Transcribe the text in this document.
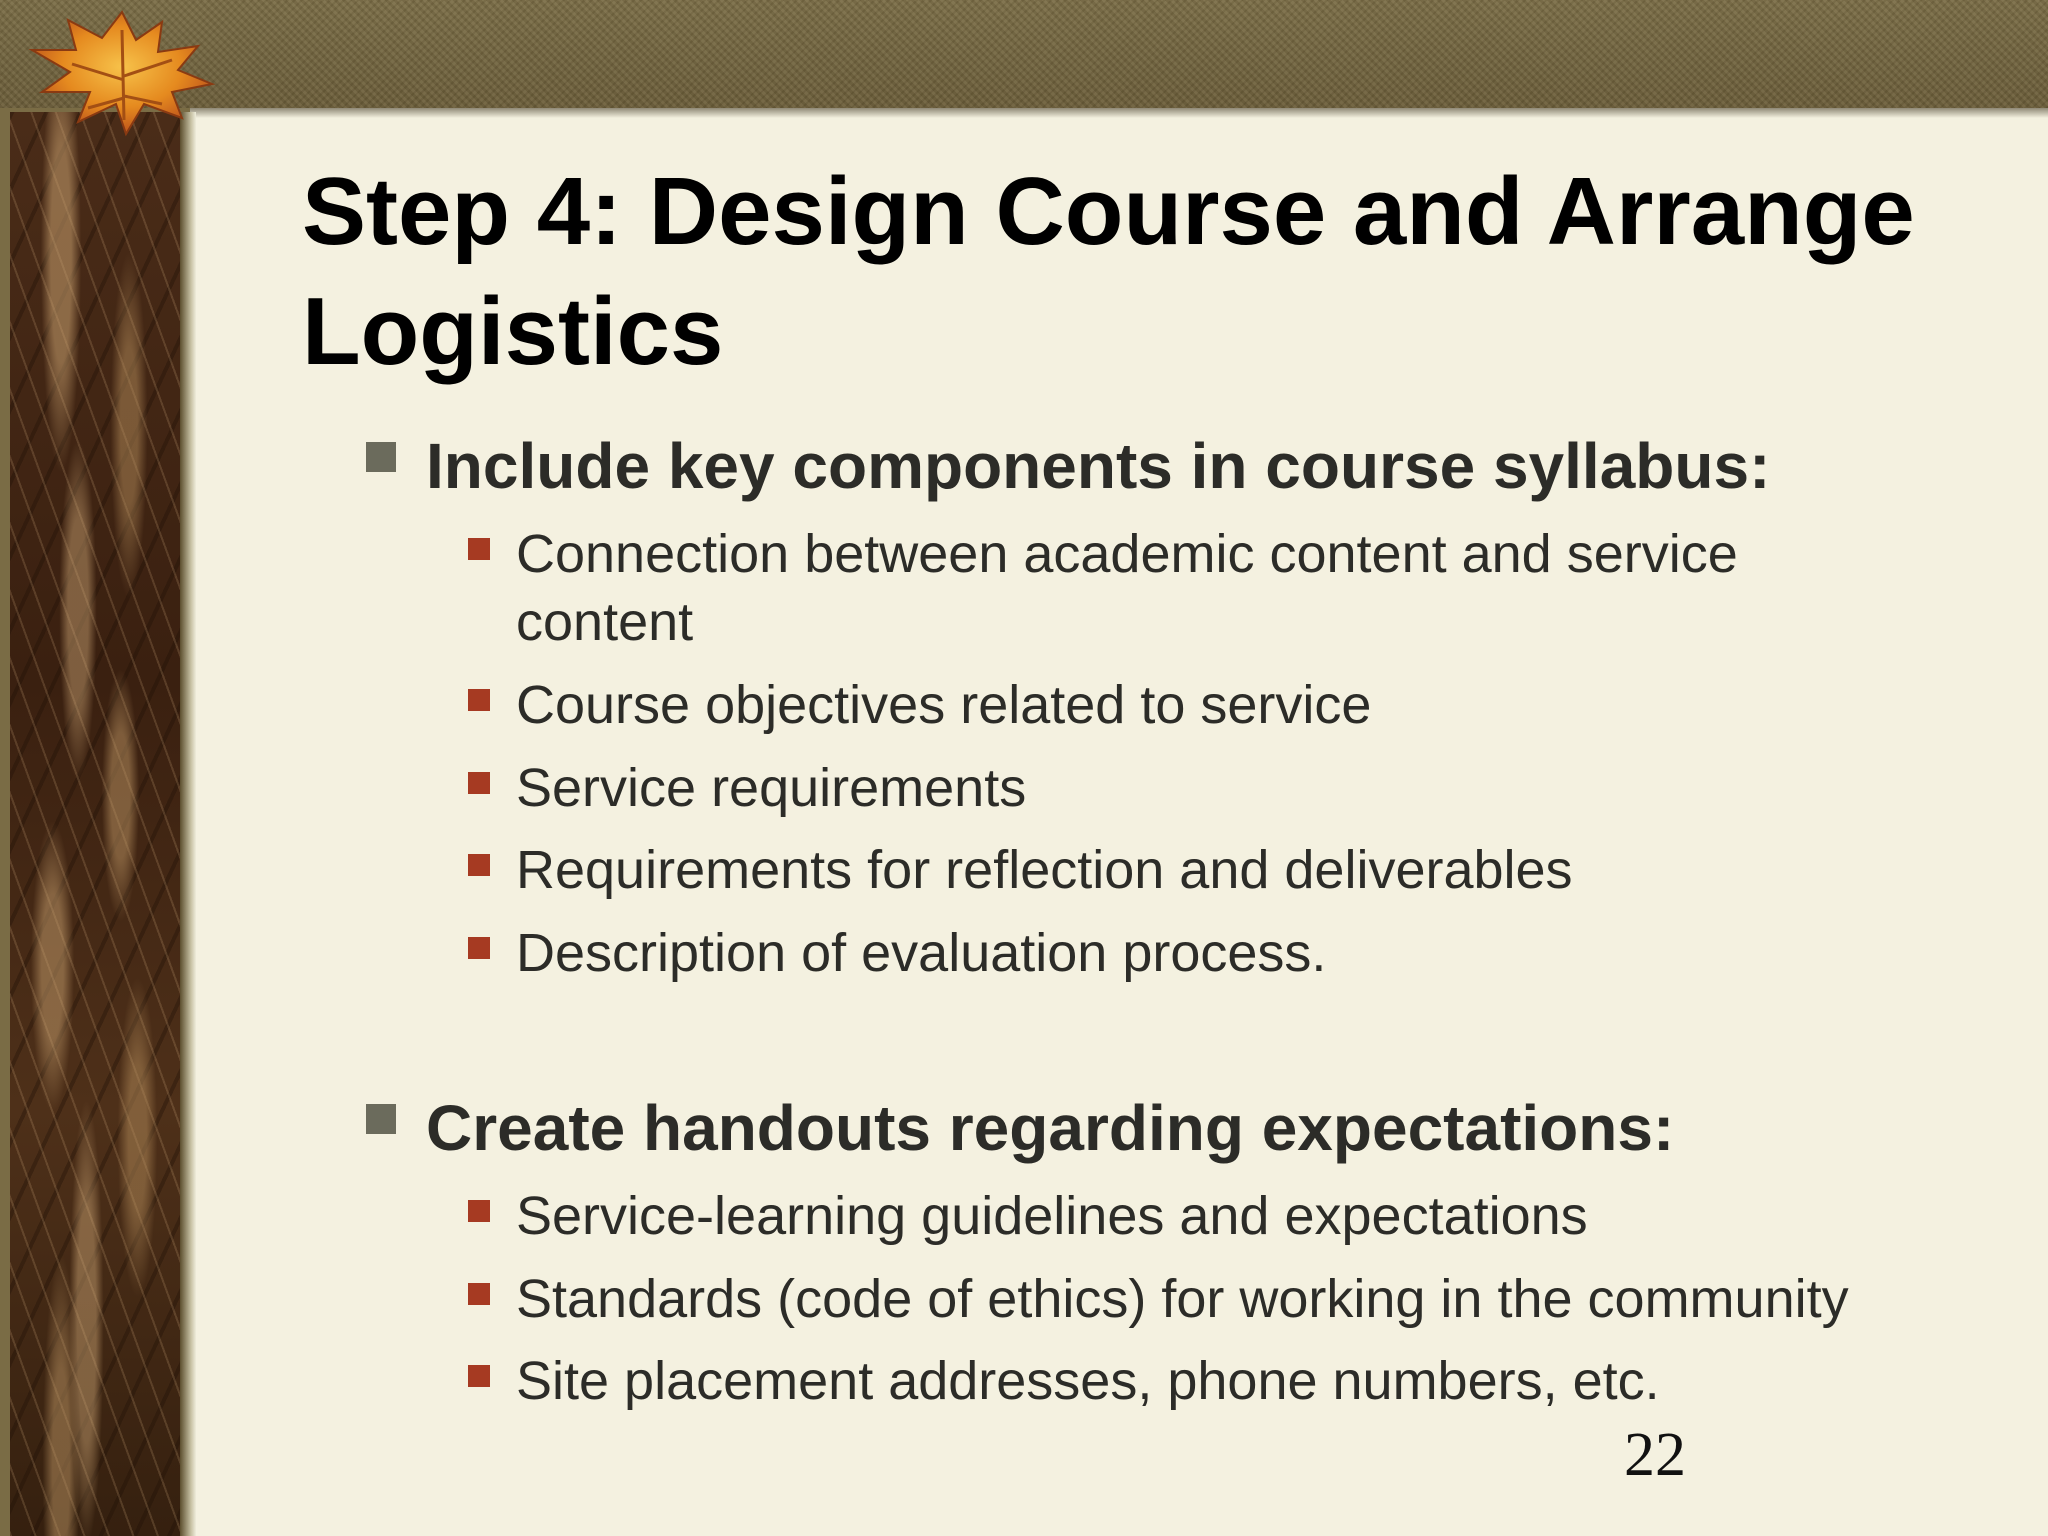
Step 4: Design Course and Arrange Logistics
Include key components in course syllabus:
Connection between academic content and service content
Course objectives related to service
Service requirements
Requirements for reflection and deliverables
Description of evaluation process.
Create handouts regarding expectations:
Service-learning guidelines and expectations
Standards (code of ethics) for working in the community
Site placement addresses, phone numbers, etc.
22
